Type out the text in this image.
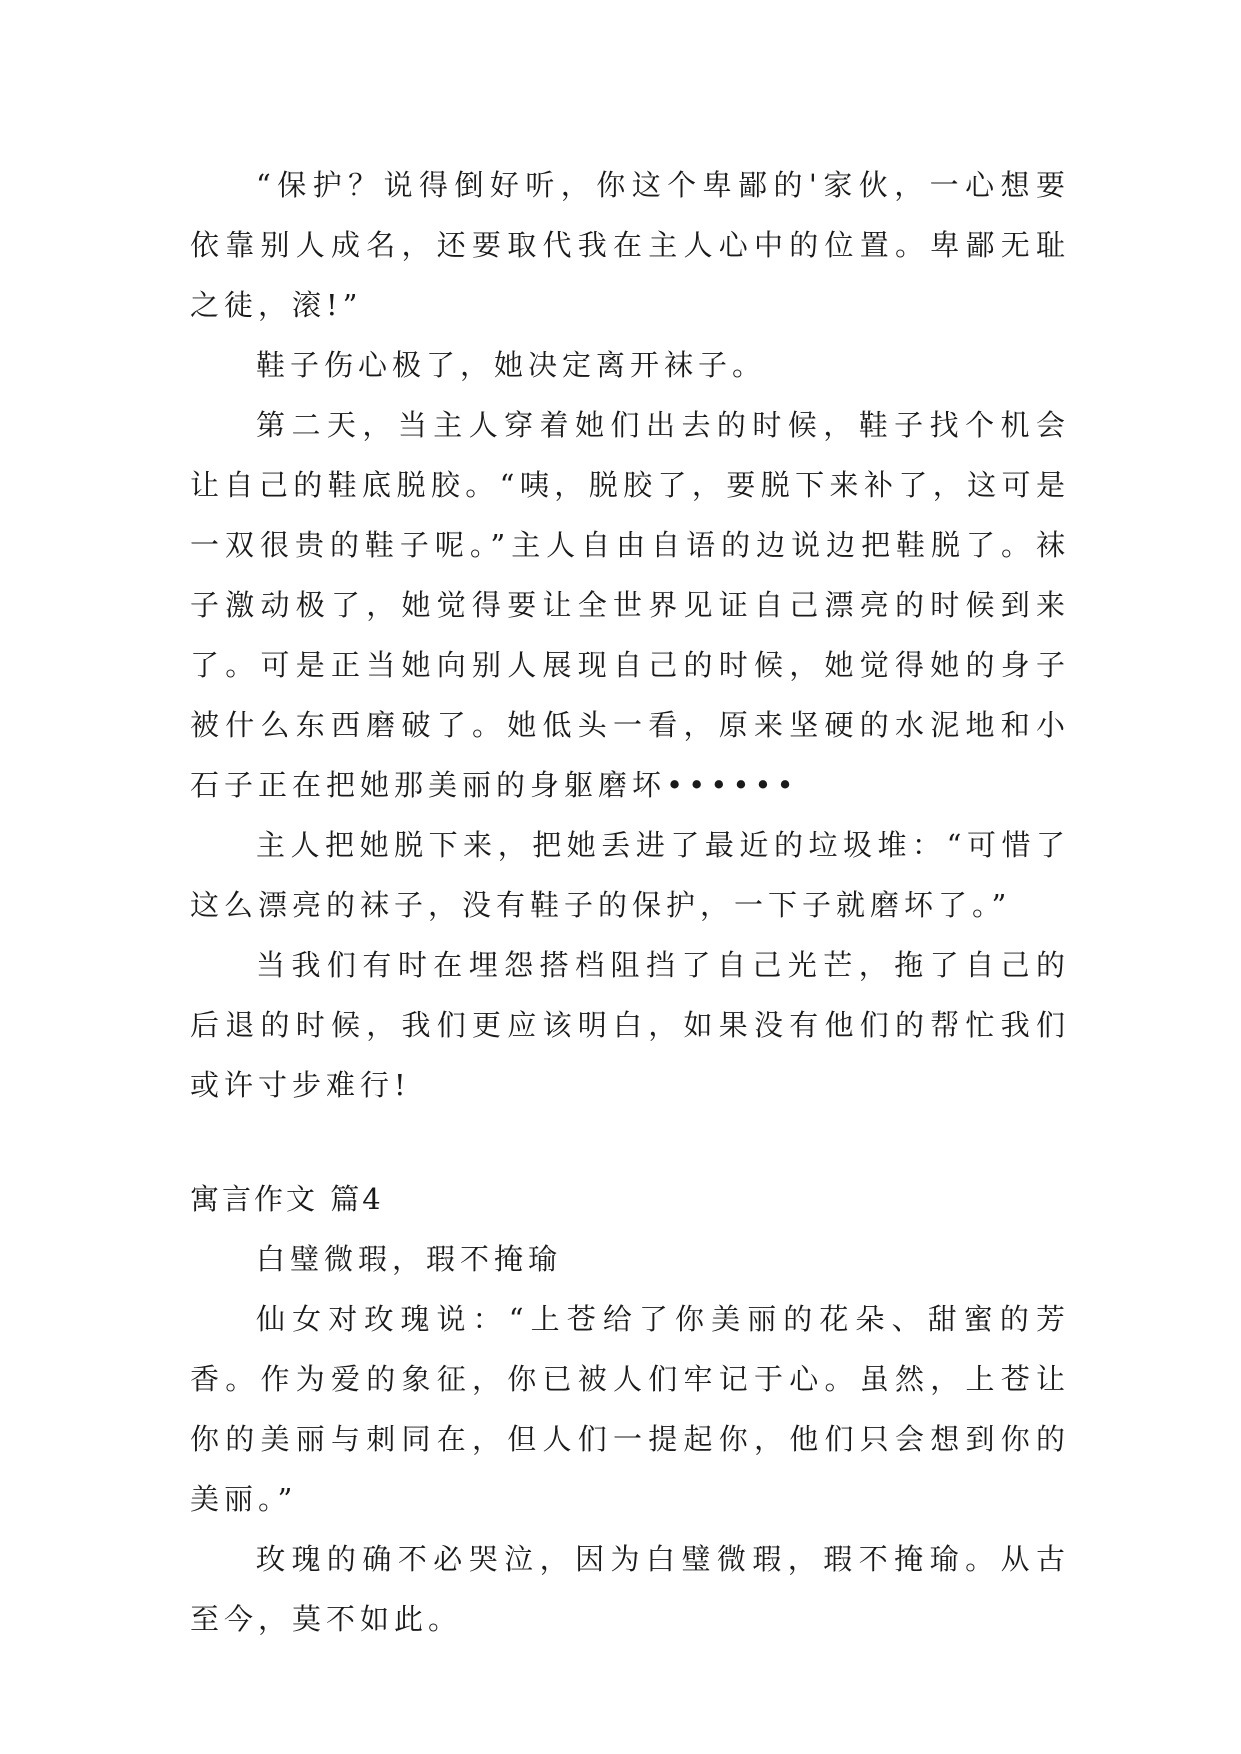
“保护？说得倒好听，你这个卑鄙的'家伙，一心想要依靠别人成名，还要取代我在主人心中的位置。卑鄙无耻之徒，滚!”

鞋子伤心极了，她决定离开袜子。

第二天，当主人穿着她们出去的时候，鞋子找个机会让自己的鞋底脱胶。“咦，脱胶了，要脱下来补了，这可是一双很贵的鞋子呢。”主人自由自语的边说边把鞋脱了。袜子激动极了，她觉得要让全世界见证自己漂亮的时候到来了。可是正当她向别人展现自己的时候，她觉得她的身子被什么东西磨破了。她低头一看，原来坚硬的水泥地和小石子正在把她那美丽的身躯磨坏••••••

主人把她脱下来，把她丢进了最近的垃圾堆：“可惜了这么漂亮的袜子，没有鞋子的保护，一下子就磨坏了。”

当我们有时在埋怨搭档阻挡了自己光芒，拖了自己的后退的时候，我们更应该明白，如果没有他们的帮忙我们或许寸步难行!

寓言作文 篇4

白璧微瑕，瑕不掩瑜

仙女对玫瑰说：“上苍给了你美丽的花朵、甜蜜的芳香。作为爱的象征，你已被人们牢记于心。虽然，上苍让你的美丽与刺同在，但人们一提起你，他们只会想到你的美丽。”

玫瑰的确不必哭泣，因为白璧微瑕，瑕不掩瑜。从古至今，莫不如此。
